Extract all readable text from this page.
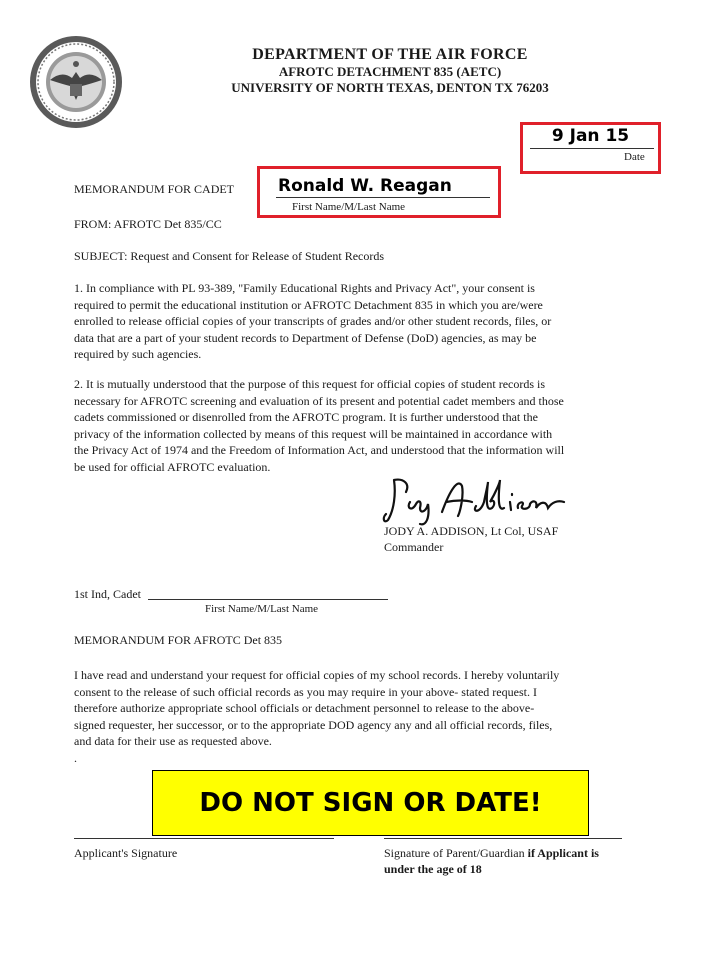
DEPARTMENT OF THE AIR FORCE
AFROTC DETACHMENT 835 (AETC)
UNIVERSITY OF NORTH TEXAS, DENTON TX 76203
9 Jan 15
Date
MEMORANDUM FOR CADET	Ronald W. Reagan
First Name/M/Last Name
FROM: AFROTC Det 835/CC
SUBJECT: Request and Consent for Release of Student Records
1. In compliance with PL 93-389, "Family Educational Rights and Privacy Act", your consent is
required to permit the educational institution or AFROTC Detachment 835 in which you are/were
enrolled to release official copies of your transcripts of grades and/or other student records, files, or
data that are a part of your student records to Department of Defense (DoD) agencies, as may be
required by such agencies.
2. It is mutually understood that the purpose of this request for official copies of student records is
necessary for AFROTC screening and evaluation of its present and potential cadet members and those
cadets commissioned or disenrolled from the AFROTC program. It is further understood that the
privacy of the information collected by means of this request will be maintained in accordance with
the Privacy Act of 1974 and the Freedom of Information Act, and understood that the information will
be used for official AFROTC evaluation.
JODY A. ADDISON, Lt Col, USAF
Commander
1st Ind, Cadet
First Name/M/Last Name
MEMORANDUM FOR AFROTC Det 835
I have read and understand your request for official copies of my school records. I hereby voluntarily
consent to the release of such official records as you may require in your above- stated request. I
therefore authorize appropriate school officials or detachment personnel to release to the above-
signed requester, her successor, or to the appropriate DOD agency any and all official records, files,
and data for their use as requested above.
.
DO NOT SIGN OR DATE!
Applicant's Signature	Signature of Parent/Guardian if Applicant is
under the age of 18
